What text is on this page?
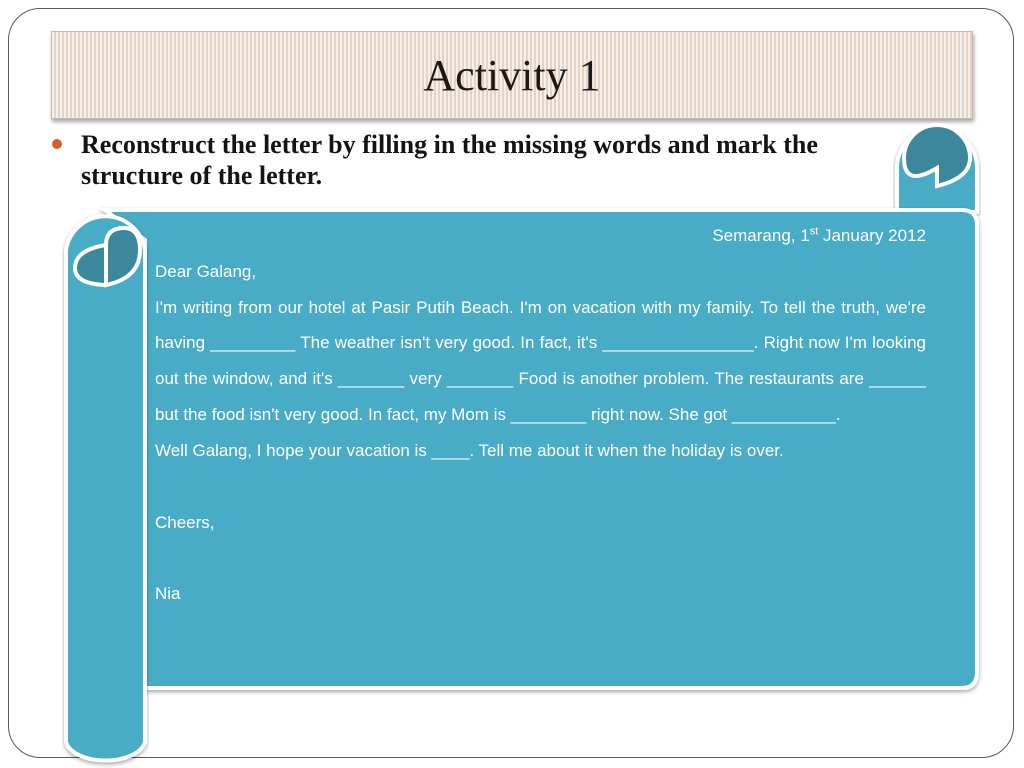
Activity 1
Reconstruct the letter by filling in the missing words and mark the structure of the letter.

Semarang, 1st January 2012

Dear Galang,

I'm writing from our hotel at Pasir Putih Beach. I'm on vacation with my family. To tell the truth, we're having _________ The weather isn't very good. In fact, it's ________________. Right now I'm looking out the window, and it's _______ very _______ Food is another problem. The restaurants are ______ but the food isn't very good. In fact, my Mom is ________ right now. She got ___________.

Well Galang, I hope your vacation is ____. Tell me about it when the holiday is over.

Cheers,

Nia
